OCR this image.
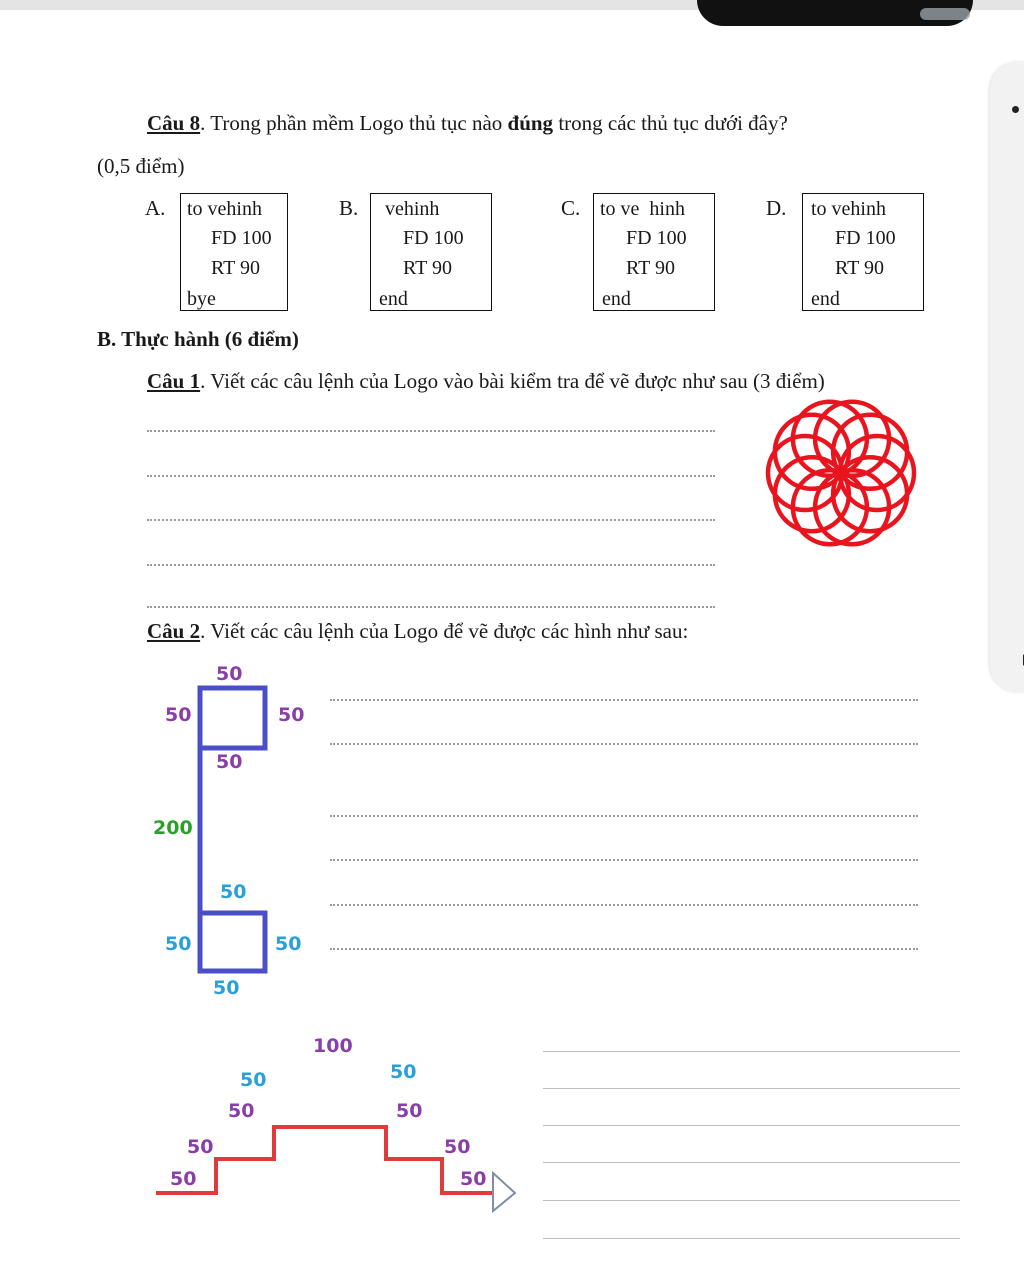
Câu 8. Trong phần mềm Logo thủ tục nào đúng trong các thủ tục dưới đây?
(0,5 điểm)
A. to vehinh
FD 100
RT 90
bye
B. vehinh
FD 100
RT 90
end
C. to ve  hinh
FD 100
RT 90
end
D. to vehinh
FD 100
RT 90
end
B. Thực hành (6 điểm)
Câu 1. Viết các câu lệnh của Logo vào bài kiểm tra để vẽ được như sau (3 điểm)
Câu 2. Viết các câu lệnh của Logo để vẽ được các hình như sau:
50
50	50
50
200
50
50	50
50
100
50	50
50	50
50	50
50	50
